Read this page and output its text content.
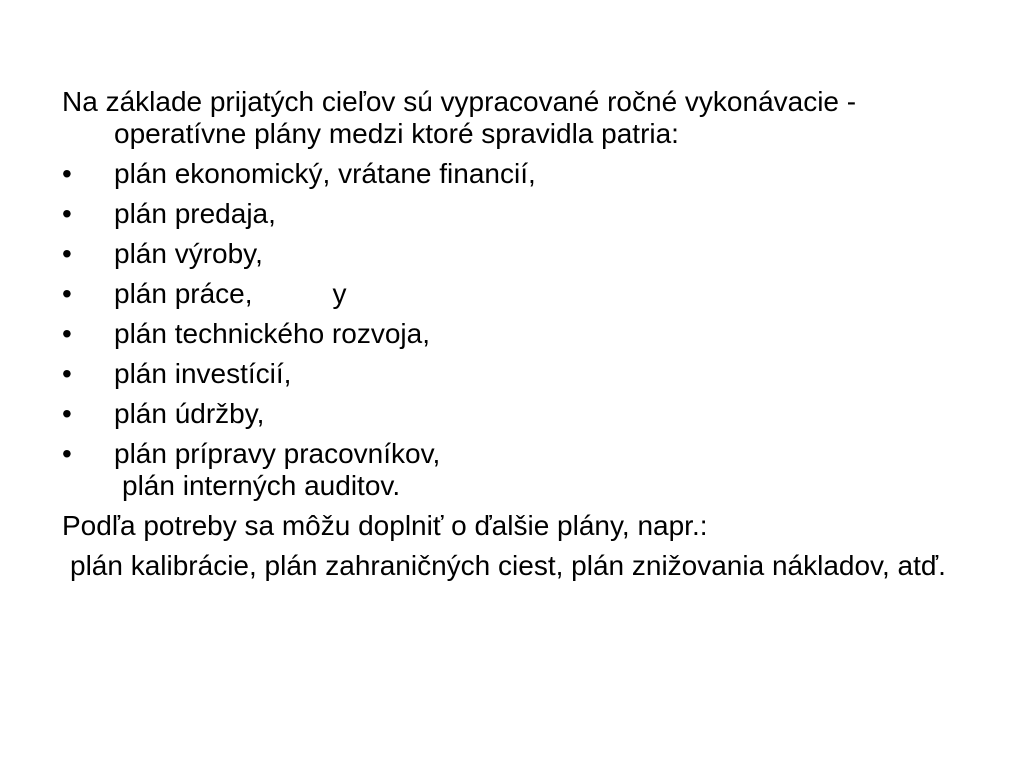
Na základe prijatých cieľov sú vypracované ročné vykonávacie - operatívne plány medzi ktoré spravidla patria:

•	plán ekonomický, vrátane financií,
•	plán predaja,
•	plán výroby,
•	plán práce,	y
•	plán technického rozvoja,
•	plán investícií,
•	plán údržby,
•	plán prípravy pracovníkov,
plán interných auditov.

Podľa potreby sa môžu doplniť o ďalšie plány, napr.:

plán kalibrácie, plán zahraničných ciest, plán znižovania nákladov, atď.
